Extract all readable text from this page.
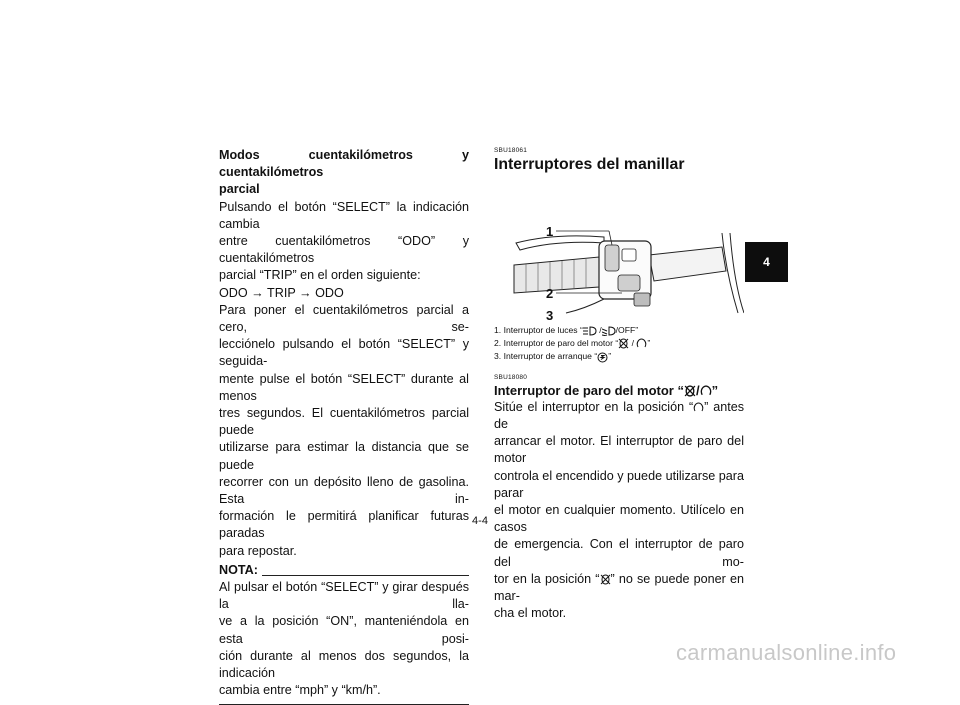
Modos cuentakilómetros y cuentakilómetros
parcial
Pulsando el botón “SELECT” la indicación cambia
entre cuentakilómetros “ODO” y cuentakilómetros
parcial “TRIP” en el orden siguiente:
ODO → TRIP → ODO
Para poner el cuentakilómetros parcial a cero, se-
lecciónelo pulsando el botón “SELECT” y seguida-
mente pulse el botón “SELECT” durante al menos
tres segundos. El cuentakilómetros parcial puede
utilizarse para estimar la distancia que se puede
recorrer con un depósito lleno de gasolina. Esta in-
formación le permitirá planificar futuras paradas
para repostar.
NOTA:
Al pulsar el botón “SELECT” y girar después la lla-
ve a la posición “ON”, manteniéndola en esta posi-
ción durante al menos dos segundos, la indicación
cambia entre “mph” y “km/h”.
SBU18061
Interruptores del manillar
1
2
3
1. Interruptor de luces “ / /OFF”
2. Interruptor de paro del motor “ / ”
3. Interruptor de arranque “ ”
SBU18080
Interruptor de paro del motor “ / ”
Sitúe el interruptor en la posición “ ” antes de
arrancar el motor. El interruptor de paro del motor
controla el encendido y puede utilizarse para parar
el motor en cualquier momento. Utilícelo en casos
de emergencia. Con el interruptor de paro del mo-
tor en la posición “ ” no se puede poner en mar-
cha el motor.
4
4-4
carmanualsonline.info
